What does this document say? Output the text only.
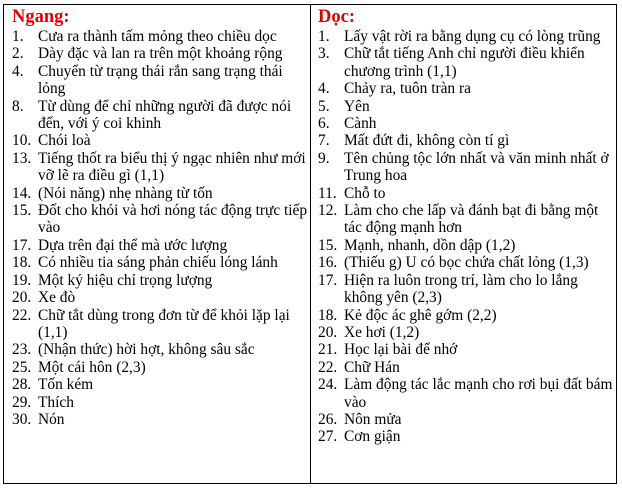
Ngang:
1. Cưa ra thành tấm mỏng theo chiều dọc
2. Dày đặc và lan ra trên một khoảng rộng
4. Chuyển từ trạng thái rắn sang trạng thái lỏng
8. Từ dùng để chỉ những người đã được nói đến, với ý coi khinh
10. Chói loà
13. Tiếng thốt ra biểu thị ý ngạc nhiên như mới vỡ lẽ ra điều gì (1,1)
14. (Nói năng) nhẹ nhàng từ tốn
15. Đốt cho khói và hơi nóng tác động trực tiếp vào
17. Dựa trên đại thể mà ước lượng
18. Có nhiều tia sáng phản chiếu lóng lánh
19. Một ký hiệu chỉ trọng lượng
20. Xe đò
22. Chữ tắt dùng trong đơn từ để khỏi lặp lại (1,1)
23. (Nhận thức) hời hợt, không sâu sắc
25. Một cái hôn (2,3)
28. Tốn kém
29. Thích
30. Nón
Dọc:
1. Lấy vật rời ra bằng dụng cụ có lòng trũng
3. Chữ tắt tiếng Anh chỉ người điều khiển chương trình (1,1)
4. Chảy ra, tuôn tràn ra
5. Yên
6. Cành
7. Mất đứt đi, không còn tí gì
9. Tên chủng tộc lớn nhất và văn minh nhất ở Trung hoa
11. Chỗ to
12. Làm cho che lấp và đánh bạt đi bằng một tác động mạnh hơn
15. Mạnh, nhanh, dồn dập (1,2)
16. (Thiếu g) U có bọc chứa chất lỏng (1,3)
17. Hiện ra luôn trong trí, làm cho lo lắng không yên (2,3)
18. Kẻ độc ác ghê gớm (2,2)
20. Xe hơi (1,2)
21. Học lại bài để nhớ
22. Chữ Hán
24. Làm động tác lắc mạnh cho rơi bụi đất bám vào
26. Nôn mửa
27. Cơn giận
